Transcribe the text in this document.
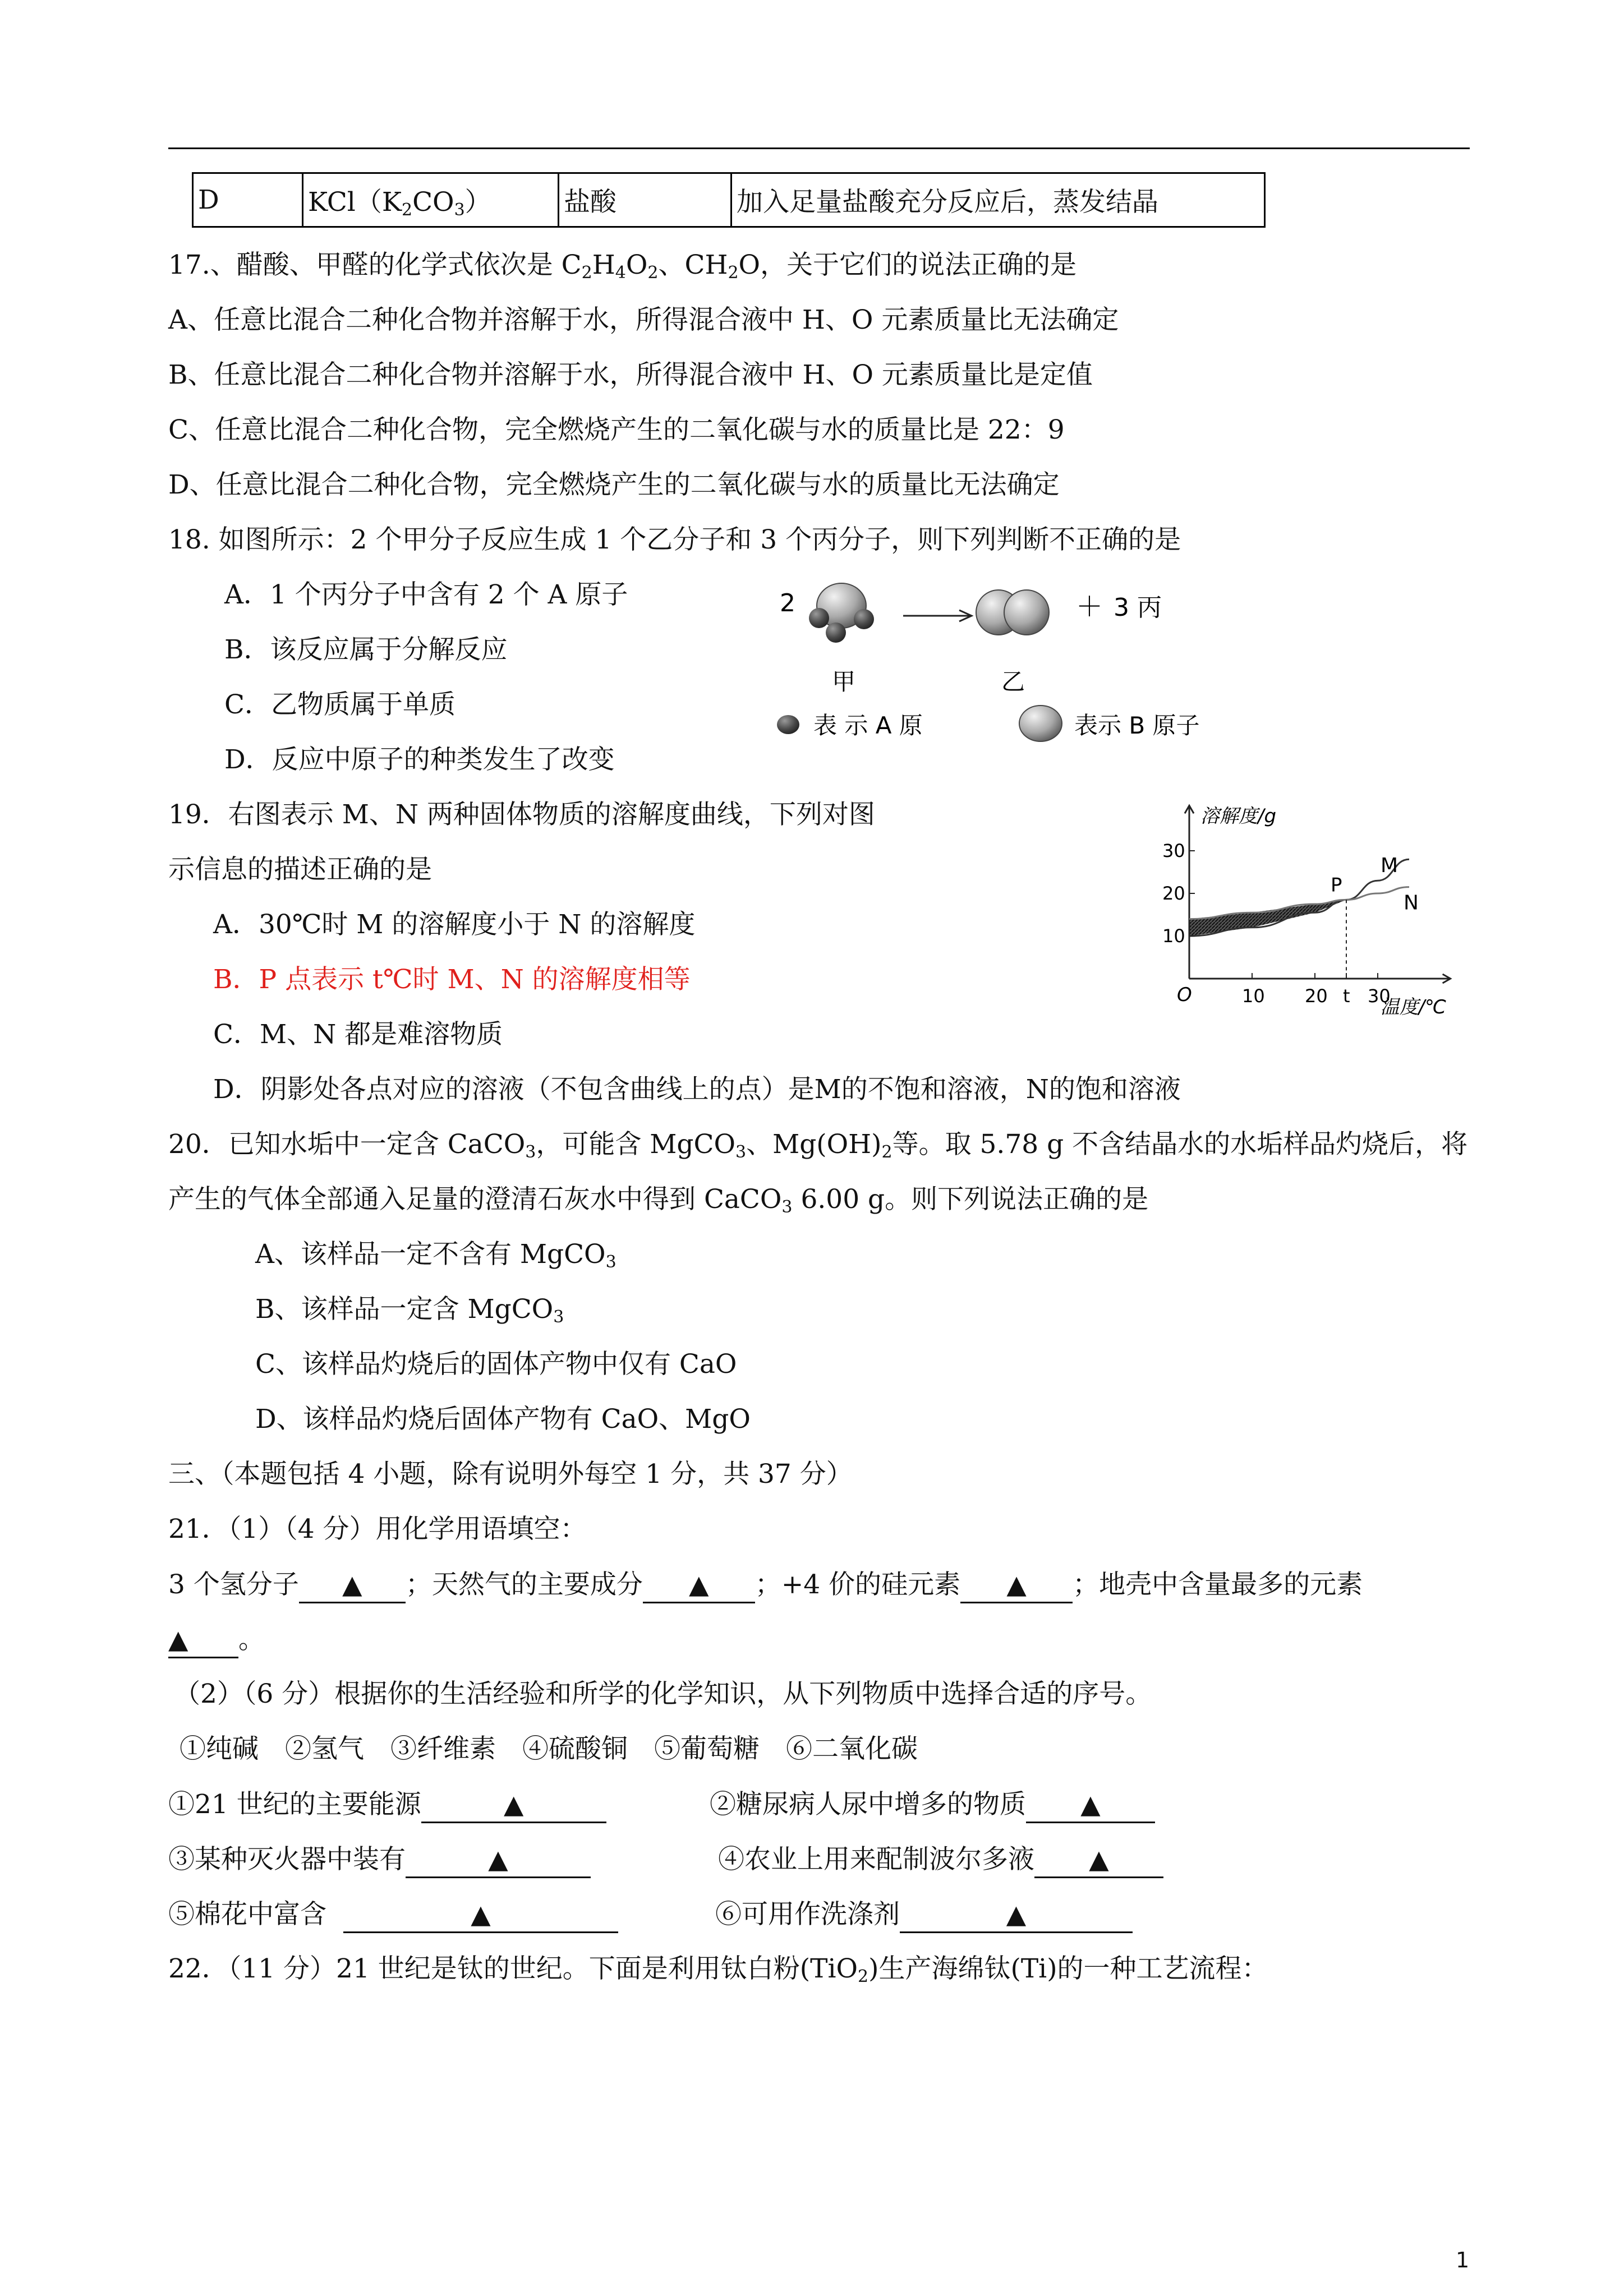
D	$KCl(K_2CO_3)$	盐酸	加入足量盐酸充分反应后，蒸发结晶
17.、醋酸、甲醛的化学式依次是 $C_2H_4O_2$、$CH_2O$，关于它们的说法正确的是
A、任意比混合二种化合物并溶解于水，所得混合液中 H、O 元素质量比无法确定
B、任意比混合二种化合物并溶解于水，所得混合液中 H、O 元素质量比是定值
C、任意比混合二种化合物，完全燃烧产生的二氧化碳与水的质量比是 22：9
D、任意比混合二种化合物，完全燃烧产生的二氧化碳与水的质量比无法确定
18. 如图所示：2 个甲分子反应生成 1 个乙分子和 3 个丙分子，则下列判断不正确的是
A．1 个丙分子中含有 2 个 A 原子
B．该反应属于分解反应
C．乙物质属于单质
D．反应中原子的种类发生了改变
2	＋ 3 丙
甲	乙
表 示 A 原	表示 B 原子
19．右图表示 M、N 两种固体物质的溶解度曲线，下列对图
示信息的描述正确的是
A．30℃时 M 的溶解度小于 N 的溶解度
B．P 点表示 t℃时 M、N 的溶解度相等
C．M、N 都是难溶物质
D．阴影处各点对应的溶液（不包含曲线上的点）是M的不饱和溶液，N的饱和溶液
10 20 t 30
10
20
30
溶解度/g
温度/℃
O
M
N
P
20．已知水垢中一定含 CaCO$_3$，可能含 MgCO$_3$、$Mg(OH)_2$等。取 5.78 g 不含结晶水的水垢样品灼烧后，将
产生的气体全部通入足量的澄清石灰水中得到 CaCO$_3$ 6.00 g。则下列说法正确的是
A、该样品一定不含有 MgCO$_3$
B、该样品一定含 MgCO$_3$
C、该样品灼烧后的固体产物中仅有 CaO
D、该样品灼烧后固体产物有 CaO、MgO
三、（本题包括 4 小题，除有说明外每空 1 分，共 37 分）
21．（1）（4 分）用化学用语填空：
3 个氢分子 ▲ ；天然气的主要成分 ▲ ；+4 价的硅元素 ▲ ；地壳中含量最多的元素
▲ 。
（2）（6 分）根据你的生活经验和所学的化学知识，从下列物质中选择合适的序号。
①纯碱　②氢气　③纤维素　④硫酸铜　⑤葡萄糖　⑥二氧化碳
①21 世纪的主要能源	▲	②糖尿病人尿中增多的物质 ▲
③某种灭火器中装有	▲	④农业上用来配制波尔多液 ▲
⑤棉花中富含	▲	⑥可用作洗涤剂	▲
22．（11 分）21 世纪是钛的世纪。下面是利用钛白粉(TiO$_2$)生产海绵钛(Ti)的一种工艺流程：
1
